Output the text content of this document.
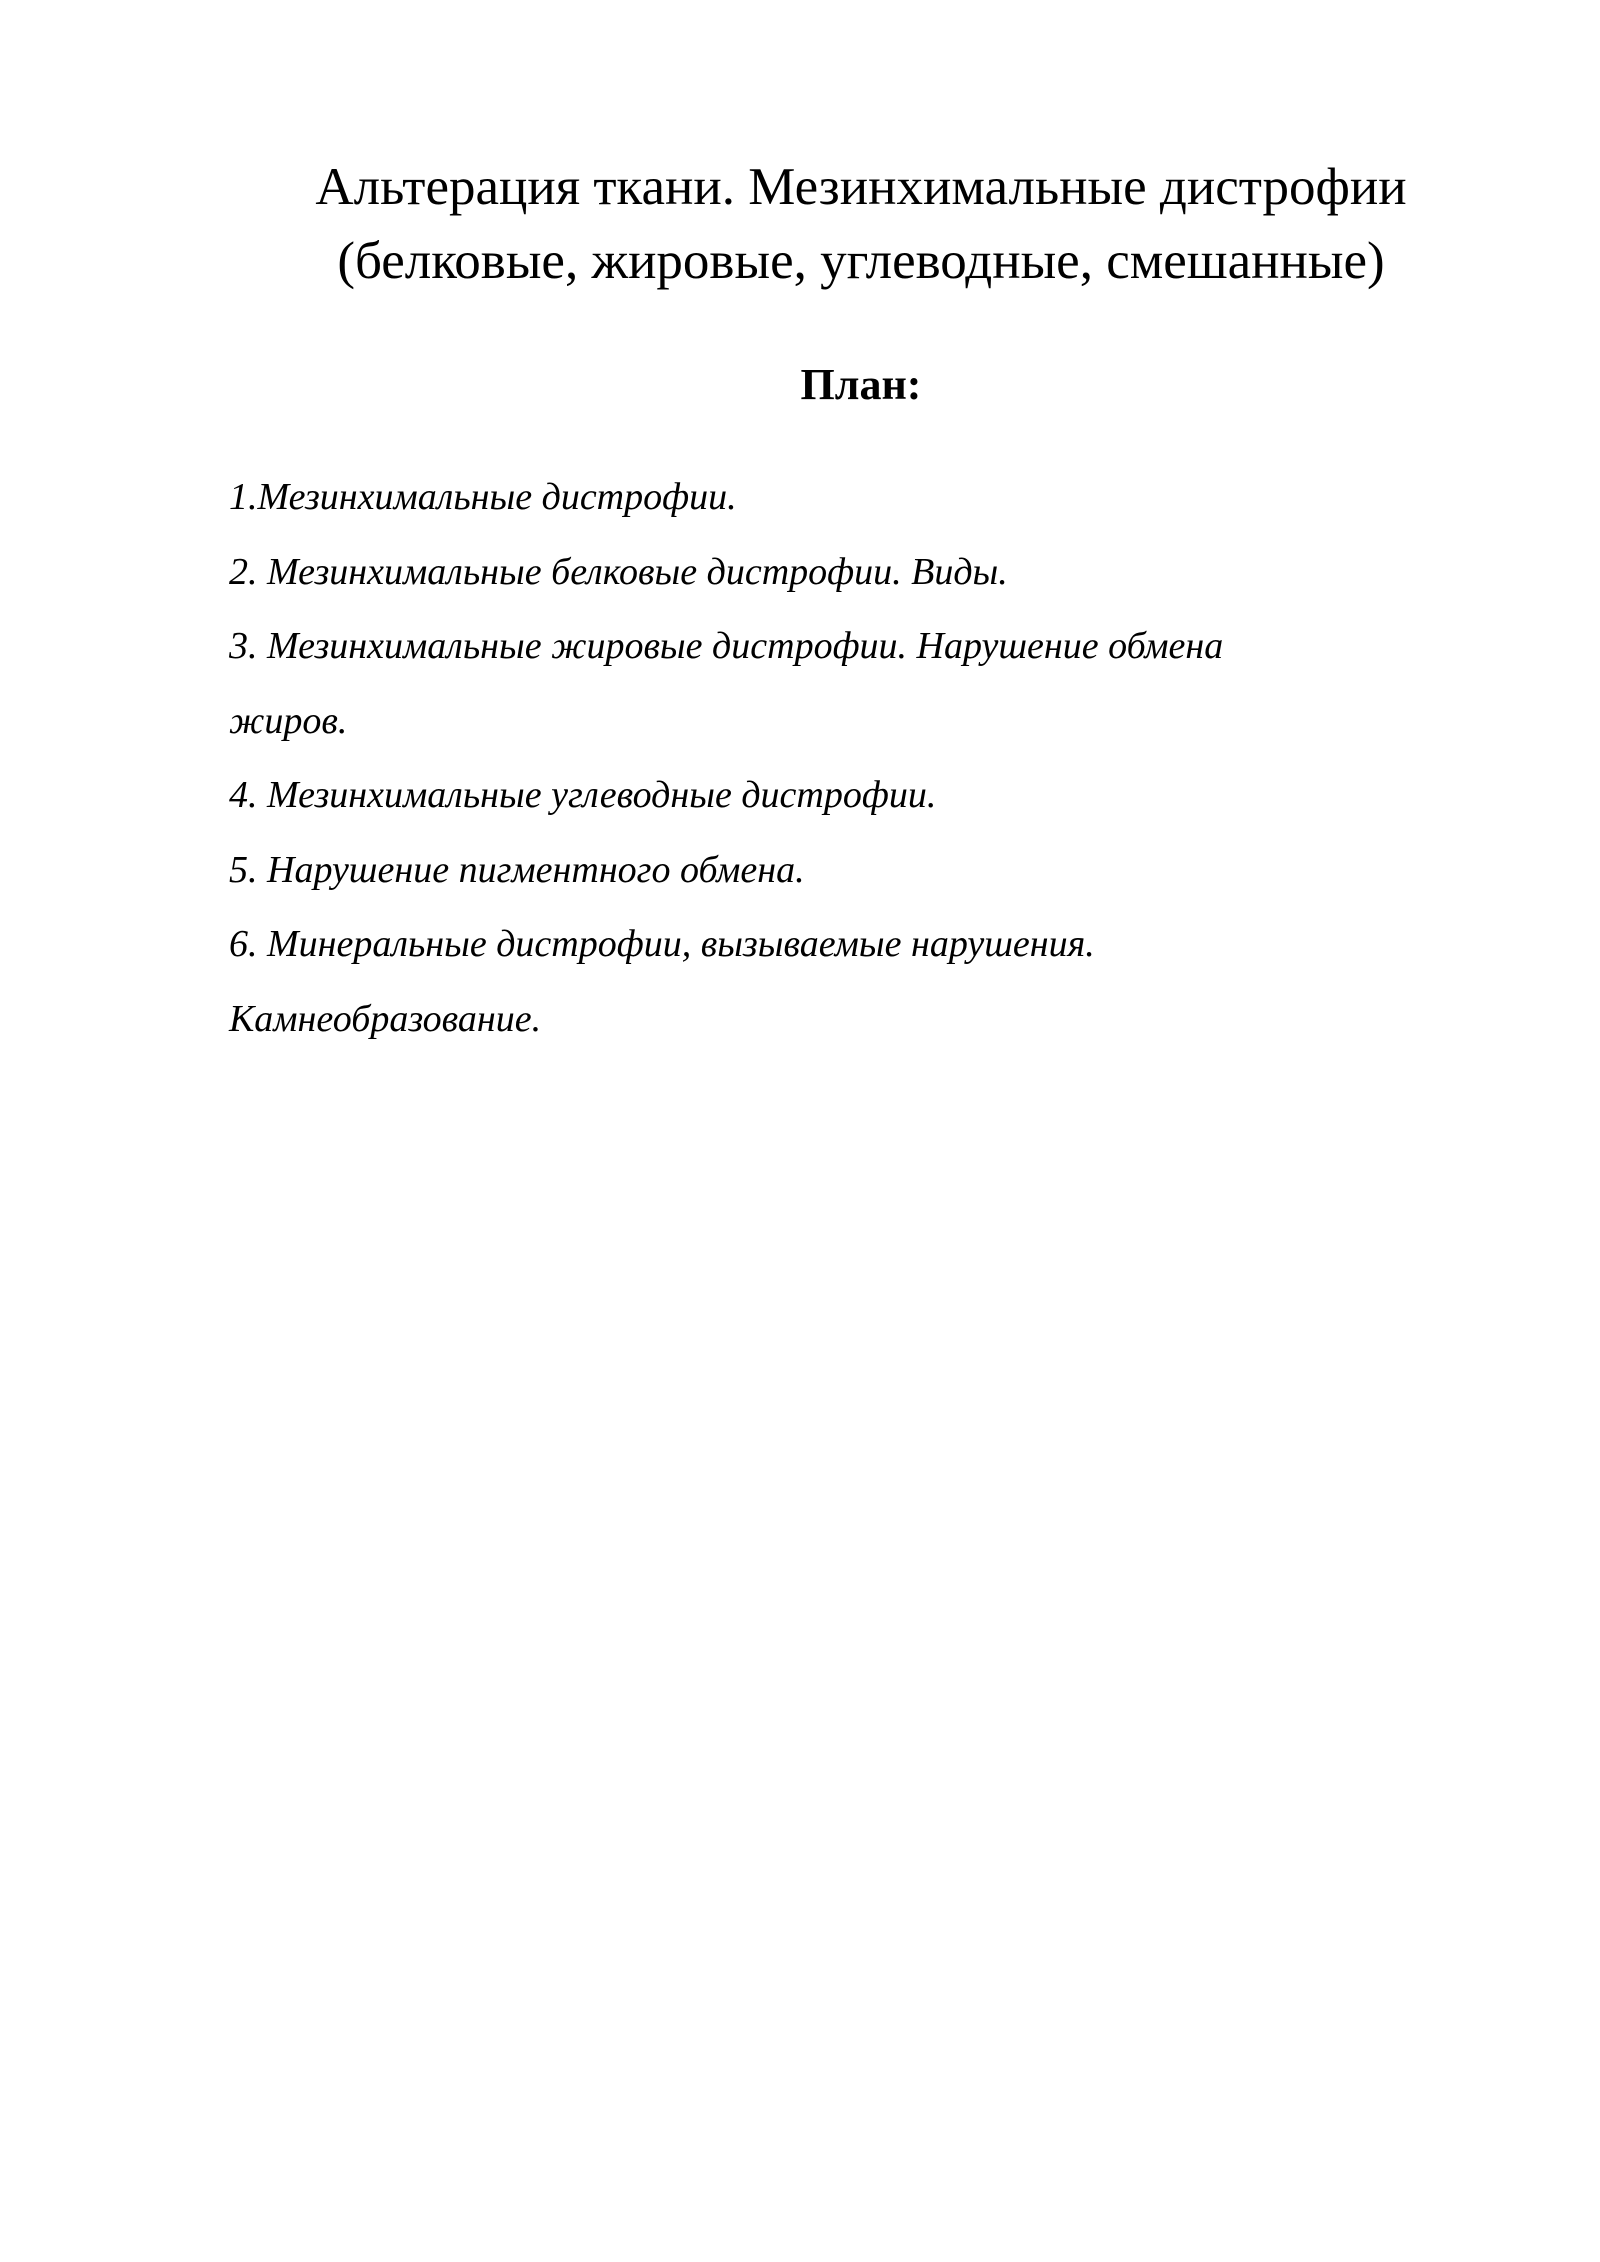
Альтерация ткани. Мезинхимальные дистрофии
(белковые, жировые, углеводные, смешанные)
План:
1.Мезинхимальные дистрофии.
2. Мезинхимальные белковые дистрофии. Виды.
3. Мезинхимальные жировые дистрофии. Нарушение обмена
жиров.
4. Мезинхимальные углеводные дистрофии.
5. Нарушение пигментного обмена.
6. Минеральные дистрофии, вызываемые нарушения.
Камнеобразование.
